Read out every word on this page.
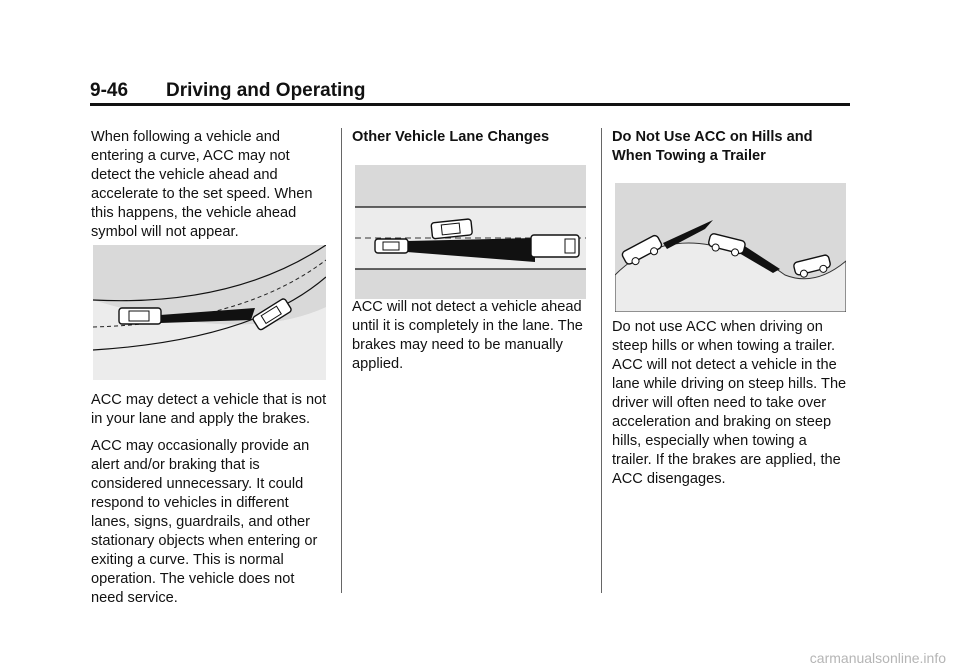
9-46 Driving and Operating

When following a vehicle and entering a curve, ACC may not detect the vehicle ahead and accelerate to the set speed. When this happens, the vehicle ahead symbol will not appear.

ACC may detect a vehicle that is not in your lane and apply the brakes.

ACC may occasionally provide an alert and/or braking that is considered unnecessary. It could respond to vehicles in different lanes, signs, guardrails, and other stationary objects when entering or exiting a curve. This is normal operation. The vehicle does not need service.

Other Vehicle Lane Changes

ACC will not detect a vehicle ahead until it is completely in the lane. The brakes may need to be manually applied.

Do Not Use ACC on Hills and When Towing a Trailer

Do not use ACC when driving on steep hills or when towing a trailer. ACC will not detect a vehicle in the lane while driving on steep hills. The driver will often need to take over acceleration and braking on steep hills, especially when towing a trailer. If the brakes are applied, the ACC disengages.

carmanualsonline.info
